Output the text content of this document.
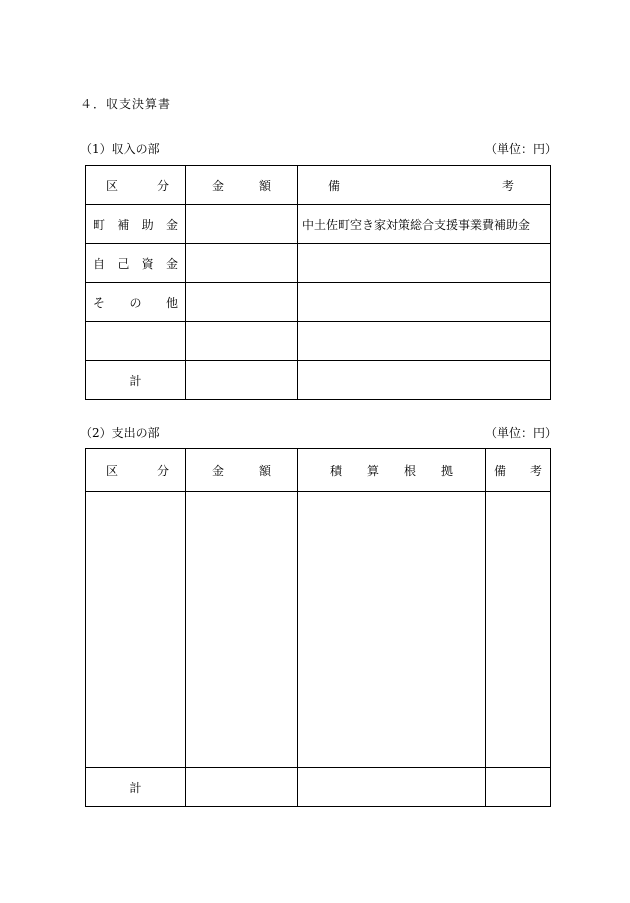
４．収支決算書
（1）収入の部	（単位：円）
区 分	金 額	備 考

町 補 助 金		中土佐町空き家対策総合支援事業費補助金

自 己 資 金		

そ の 他		

計		
（2）支出の部	（単位：円）
区 分	金 額	積 算 根 拠	備 考

計			
